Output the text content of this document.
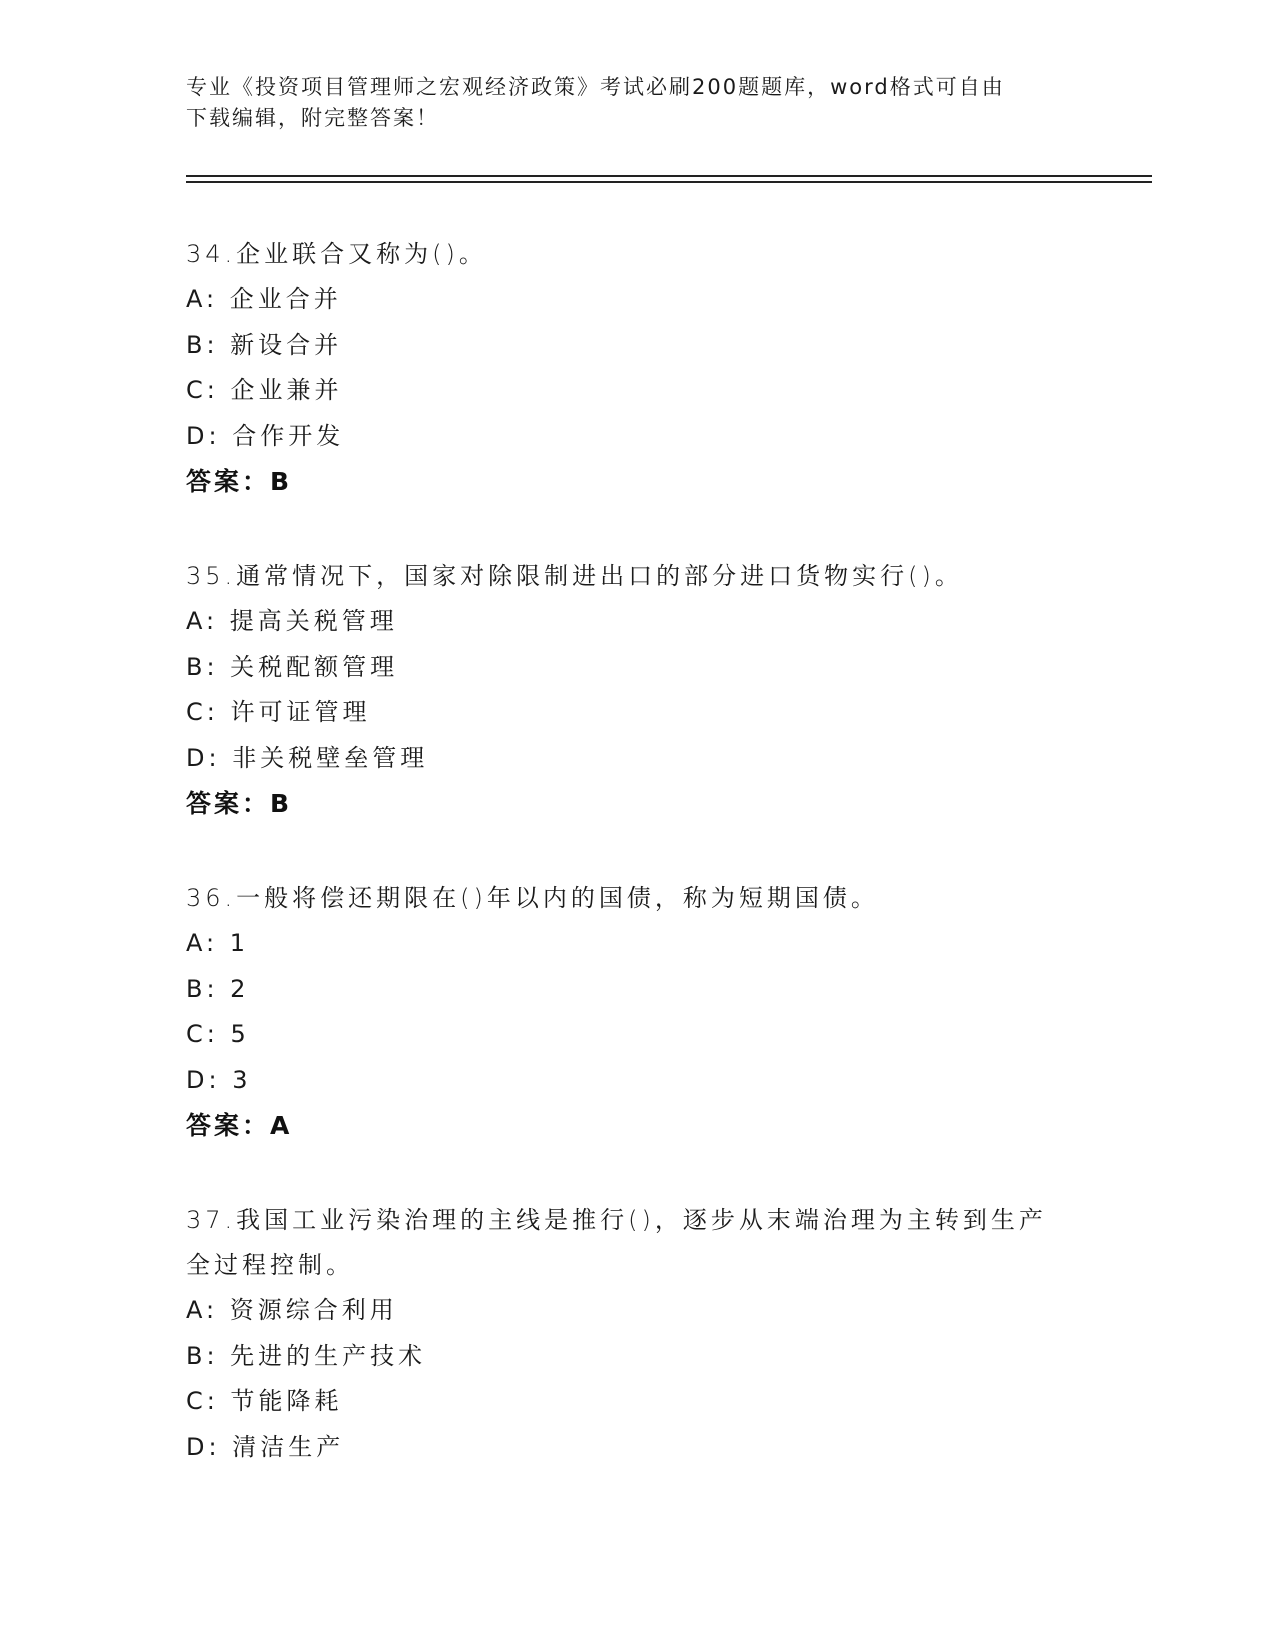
专业《投资项目管理师之宏观经济政策》考试必刷200题题库，word格式可自由
下载编辑，附完整答案！
34.企业联合又称为()。
A: 企业合并
B: 新设合并
C: 企业兼并
D: 合作开发
答案：B
35.通常情况下，国家对除限制进出口的部分进口货物实行()。
A: 提高关税管理
B: 关税配额管理
C: 许可证管理
D: 非关税壁垒管理
答案：B
36.一般将偿还期限在()年以内的国债，称为短期国债。
A: 1
B: 2
C: 5
D: 3
答案：A
37.我国工业污染治理的主线是推行()，逐步从末端治理为主转到生产
全过程控制。
A: 资源综合利用
B: 先进的生产技术
C: 节能降耗
D: 清洁生产
